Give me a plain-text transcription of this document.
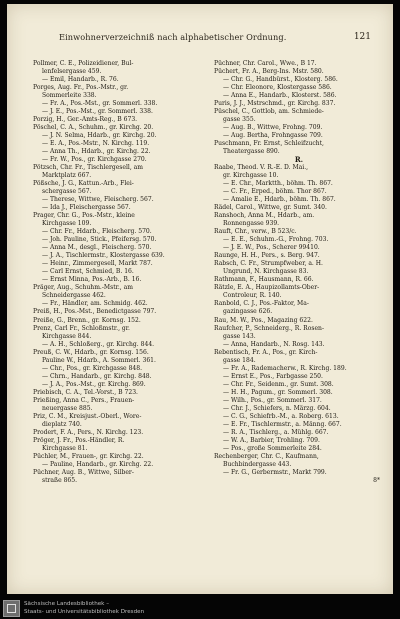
Einwohnerverzeichniß nach alphabetischer Ordnung.	121
Pollmer, C. E., Polizeidiener, Bul-
lenfelsergasse 459.
— Emil, Handarb., R. 76.
Porges, Aug. Fr., Pos.-Mstr., gr.
Sommerleite 338.
— Fr. A., Pos.-Mst., gr. Sommerl. 338.
— J. E., Pos.-Mst., gr. Sommerl. 338.
Porzig, H., Ger.-Amts-Reg., B 673.
Pöschel, C. A., Schuhm., gr. Kirchg. 20.
— J. N. Selma, Hdarb., gr. Kirchg. 20.
— E. A., Pos.-Mstr., N. Kirchg. 119.
— Anna Th., Hdarb., gr. Kirchg. 22.
— Fr. W., Pos., gr. Kirchgasse 270.
Pötzsch, Chr. Fr., Tischlergesell, am
Marktplatz 667.
Pößsche, J. G., Kattun.-Arb., Flei-
schergasse 567.
— Therese, Wittwe, Fleischerg. 567.
— Ida J., Fleischergasse 567.
Prager, Chr. G., Pos.-Mstr., kleine
Kirchgasse 109.
— Chr. Fr., Hdarb., Fleischerg. 570.
— Joh. Pauline, Stick., Pfeifersg. 570.
— Anna M., desgl., Fleischerg. 570.
— J. A., Tischlermstr., Klostergasse 639.
— Heinr., Zimmergesell, Markt 787.
— Carl Ernst, Schmied, B. 16.
— Ernst Minna, Pos.-Arb., B. 16.
Präger, Aug., Schuhm.-Mstr., am
Schneidergasse 462.
— Fr., Händler, am. Schmidg. 462.
Preiß, H., Pos.-Mst., Benedictgasse 797.
Preiße, G., Brenn., gr. Kornsg. 152.
Prenz, Carl Fr., Schloßmstr., gr.
Kirchgasse 844.
— A. H., Schloßerg., gr. Kirchg. 844.
Preuß, C. W., Hdarb., gr. Kornsg. 156.
Pauline W., Hdarb., A. Sommerl. 361.
— Chr., Pos., gr. Kirchgasse 848.
— Chrn., Handarb., gr. Kirchg. 848.
— J. A., Pos.-Mst., gr. Kirchg. 869.
Priebisch, C. A., Tel.-Vorst., B 723.
Prießing, Anna C., Pers., Frauen-
neuergasse 885.
Priz, C. M., Kreisjust.-Oberl., Wore-
dieplatz 740.
Prodert, F. A., Pers., N. Kirchg. 123.
Pröger, J. Fr., Pos.-Händler, R.
Kirchgasse 81.
Püchler, M., Frauen-, gr. Kirchg. 22.
— Pauline, Handarb., gr. Kirchg. 22.
Püchner, Aug. B., Wittwe, Silber-
straße 865.
Püchner, Chr. Carol., Wwe., B 17.
Püchert, Fr. A., Berg-Ins. Mstr. 580.
— Chr. G., Handbürst., Klosterg. 586.
— Chr. Eleonore, Klostergasse 586.
— Anna E., Handarb., Klosterst. 586.
Puris, J. J., Mstrschmd., gr. Kirchg. 837.
Püschel, C., Gottlob, am. Schmiede-
gasse 355.
— Aug. B., Wittwe, Frohng. 709.
— Aug. Bertha, Frohngasse 709.
Puschmann, Fr. Ernst, Schleifzucht,
Theatergasse 890.
R.
Raabe, Theod. V. R.-E. D. Mai.,
gr. Kirchgasse 10.
— E. Chr., Marktth., böhm. Th. 867.
— C. Fr., Erped., böhm. Thor 867.
— Amalie E., Hdarb., böhm. Th. 867.
Rädel, Carol., Wittwe, gr. Sumt. 340.
Ranshoch, Anna M., Hdarb., am.
Ronnengasse 939.
Rauft, Chr., verw., B 523/c.
— E. E., Schuhm.-G., Frohng. 703.
— J. E. W., Pos., Scherer 99410.
Raunge, H. H., Pers., s. Berg. 947.
Rabsch, C. Fr., Strumpfweber, a. H.
Ungrund, N. Kirchgasse 83.
Rathmann, F., Hausmann, R. 66.
Rätzle, E. A., Haupizollamts-Ober-
Controleur, R. 140.
Ranbold, C. J., Pos.-Faktor, Ma-
gazingasse 626.
Rau, M. W., Pos., Magazing 622.
Raufcher, P., Schneiderg., R. Rosen-
gasse 143.
— Anna, Handarb., N. Rosg. 143.
Rebentisch, Fr. A., Pos., gr. Kirch-
gasse 184.
— Fr. A., Rademacherw., R. Kirchg. 189.
— Ernst E., Pos., Farbgasse 250.
— Chr. Fr., Seidenm., gr. Sumt. 308.
— H. H., Pagum., gr. Sommerl. 308.
— Wilh., Pos., gr. Sommerl. 317.
— Chr. J., Schiefers, n. Märzg. 604.
— C. G., Schiefrb.-M., a. Roberg. 613.
— E. Fr., Tischlermstr., a. Männg. 667.
— R. A., Tischlerg., a. Mühlg. 667.
— W. A., Barbier, Trohling. 709.
— Pos., große Sommerleite 284.
Rechenberger, Chr. C., Kaufmann,
Buchbindergasse 443.
— Fr. G., Gerbermstr., Markt 799.
8*
Sächsische Landesbibliothek –
Staats- und Universitätsbibliothek Dresden
